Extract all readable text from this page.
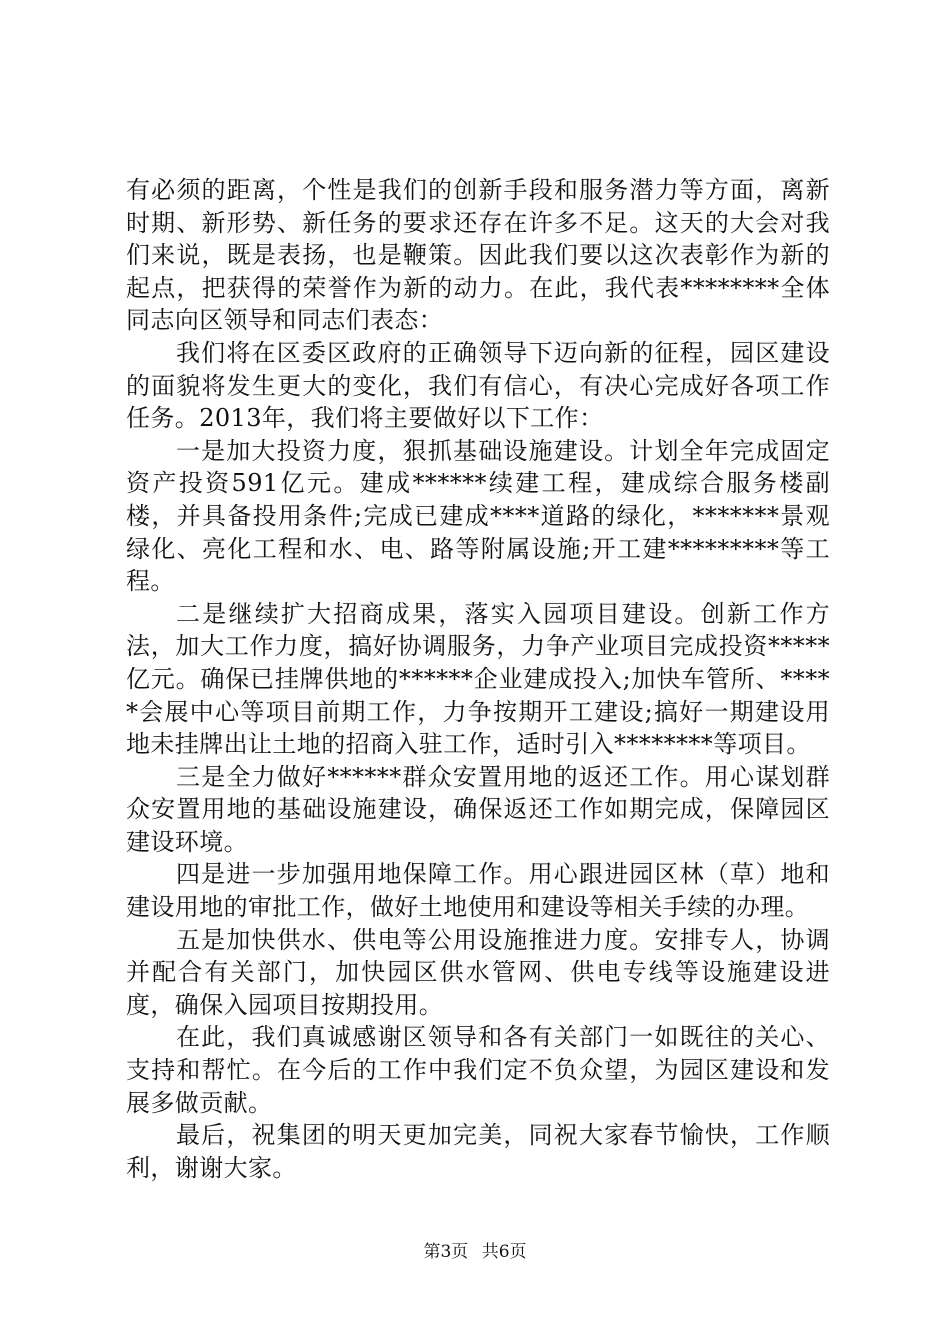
有必须的距离，个性是我们的创新手段和服务潜力等方面，离新时期、新形势、新任务的要求还存在许多不足。这天的大会对我们来说，既是表扬，也是鞭策。因此我们要以这次表彰作为新的起点，把获得的荣誉作为新的动力。在此，我代表********全体同志向区领导和同志们表态：

我们将在区委区政府的正确领导下迈向新的征程，园区建设的面貌将发生更大的变化，我们有信心，有决心完成好各项工作任务。2013年，我们将主要做好以下工作：

一是加大投资力度，狠抓基础设施建设。计划全年完成固定资产投资591亿元。建成******续建工程，建成综合服务楼副楼，并具备投用条件;完成已建成****道路的绿化，*******景观绿化、亮化工程和水、电、路等附属设施;开工建*********等工程。

二是继续扩大招商成果，落实入园项目建设。创新工作方法，加大工作力度，搞好协调服务，力争产业项目完成投资*****亿元。确保已挂牌供地的******企业建成投入;加快车管所、*****会展中心等项目前期工作，力争按期开工建设;搞好一期建设用地未挂牌出让土地的招商入驻工作，适时引入********等项目。

三是全力做好******群众安置用地的返还工作。用心谋划群众安置用地的基础设施建设，确保返还工作如期完成，保障园区建设环境。

四是进一步加强用地保障工作。用心跟进园区林（草）地和建设用地的审批工作，做好土地使用和建设等相关手续的办理。

五是加快供水、供电等公用设施推进力度。安排专人，协调并配合有关部门，加快园区供水管网、供电专线等设施建设进度，确保入园项目按期投用。

在此，我们真诚感谢区领导和各有关部门一如既往的关心、支持和帮忙。在今后的工作中我们定不负众望，为园区建设和发展多做贡献。

最后，祝集团的明天更加完美，同祝大家春节愉快，工作顺利，谢谢大家。

第3页 共6页
